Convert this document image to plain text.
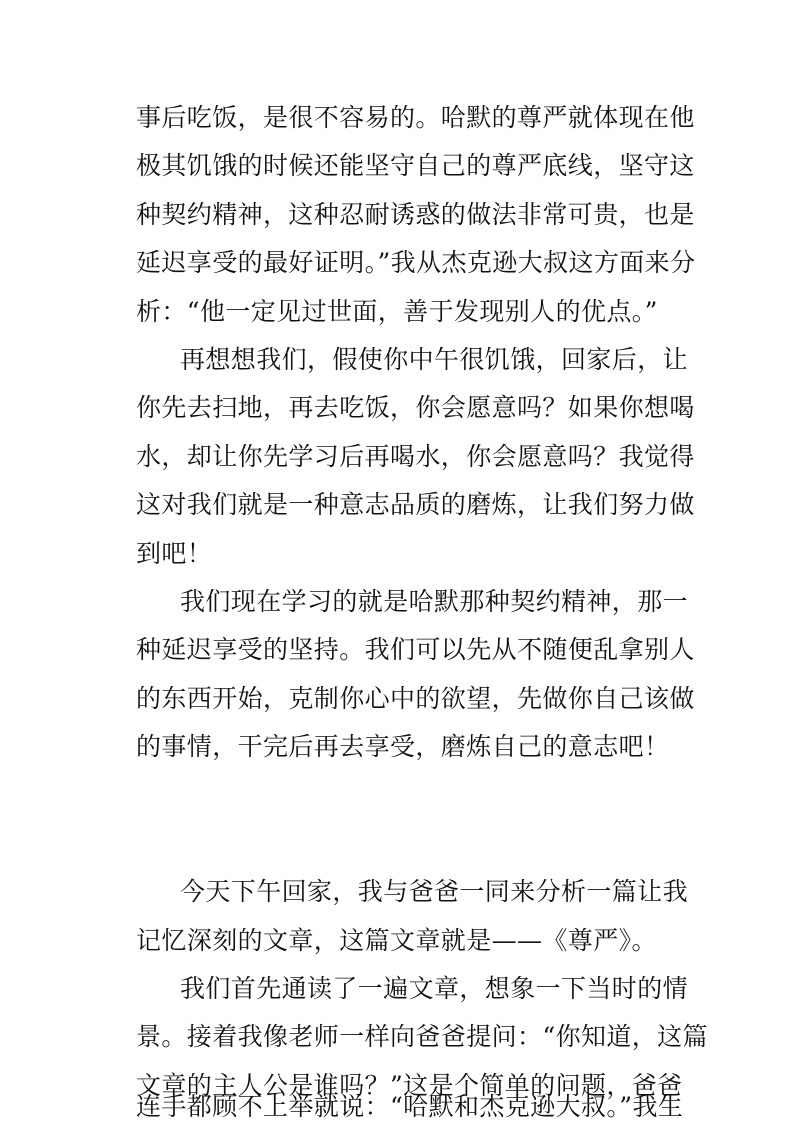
事后吃饭，是很不容易的。哈默的尊严就体现在他
极其饥饿的时候还能坚守自己的尊严底线，坚守这
种契约精神，这种忍耐诱惑的做法非常可贵，也是
延迟享受的最好证明。”我从杰克逊大叔这方面来分
析：“他一定见过世面，善于发现别人的优点。”
再想想我们，假使你中午很饥饿，回家后，让
你先去扫地，再去吃饭，你会愿意吗？如果你想喝
水，却让你先学习后再喝水，你会愿意吗？我觉得
这对我们就是一种意志品质的磨炼，让我们努力做
到吧！
我们现在学习的就是哈默那种契约精神，那一
种延迟享受的坚持。我们可以先从不随便乱拿别人
的东西开始，克制你心中的欲望，先做你自己该做
的事情，干完后再去享受，磨炼自己的意志吧！
今天下午回家，我与爸爸一同来分析一篇让我
记忆深刻的文章，这篇文章就是——《尊严》。
我们首先通读了一遍文章，想象一下当时的情
景。接着我像老师一样向爸爸提问：“你知道，这篇
文章的主人公是谁吗？”这是个简单的问题，爸爸
连手都顾不上举就说：“哈默和杰克逊大叔。”我生
